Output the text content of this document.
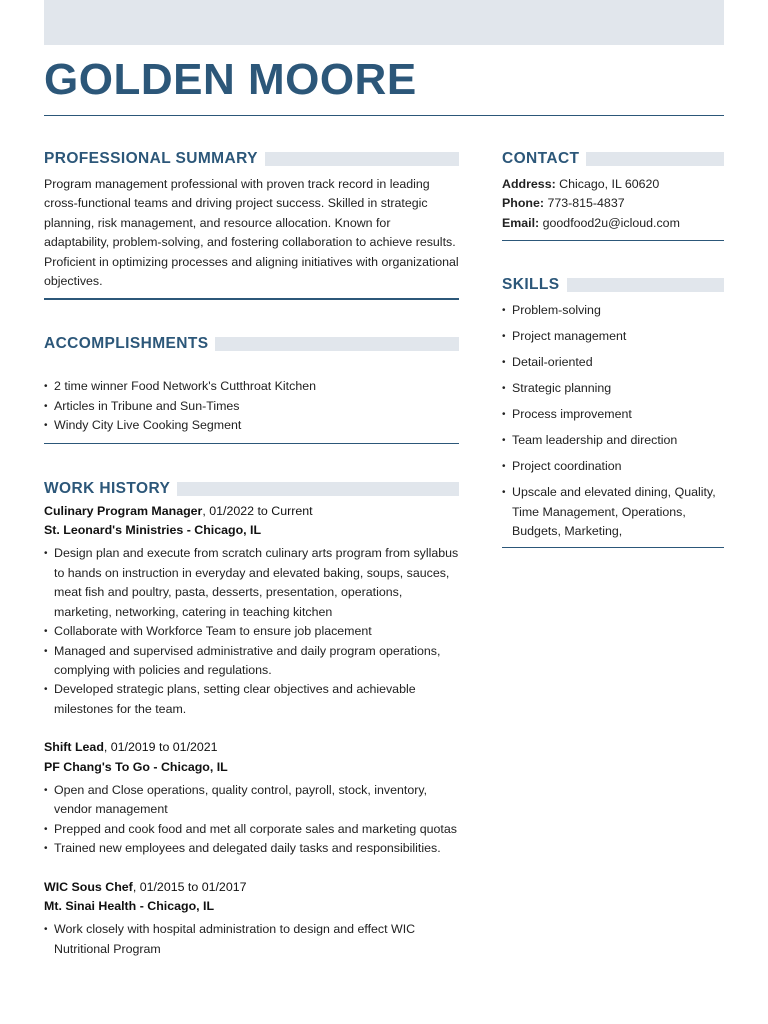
GOLDEN MOORE
PROFESSIONAL SUMMARY
Program management professional with proven track record in leading cross-functional teams and driving project success. Skilled in strategic planning, risk management, and resource allocation. Known for adaptability, problem-solving, and fostering collaboration to achieve results. Proficient in optimizing processes and aligning initiatives with organizational objectives.
ACCOMPLISHMENTS
• 2 time winner Food Network's Cutthroat Kitchen
• Articles in Tribune and Sun-Times
• Windy City Live Cooking Segment
WORK HISTORY
Culinary Program Manager, 01/2022 to Current
St. Leonard's Ministries - Chicago, IL
• Design plan and execute from scratch culinary arts program from syllabus to hands on instruction in everyday and elevated baking, soups, sauces, meat fish and poultry, pasta, desserts, presentation, operations, marketing, networking, catering in teaching kitchen
• Collaborate with Workforce Team to ensure job placement
• Managed and supervised administrative and daily program operations, complying with policies and regulations.
• Developed strategic plans, setting clear objectives and achievable milestones for the team.
Shift Lead, 01/2019 to 01/2021
PF Chang's To Go - Chicago, IL
• Open and Close operations, quality control, payroll, stock, inventory, vendor management
• Prepped and cook food and met all corporate sales and marketing quotas
• Trained new employees and delegated daily tasks and responsibilities.
WIC Sous Chef, 01/2015 to 01/2017
Mt. Sinai Health - Chicago, IL
• Work closely with hospital administration to design and effect WIC Nutritional Program
CONTACT
Address: Chicago, IL 60620
Phone: 773-815-4837
Email: goodfood2u@icloud.com
SKILLS
• Problem-solving
• Project management
• Detail-oriented
• Strategic planning
• Process improvement
• Team leadership and direction
• Project coordination
• Upscale and elevated dining, Quality, Time Management, Operations, Budgets, Marketing,
